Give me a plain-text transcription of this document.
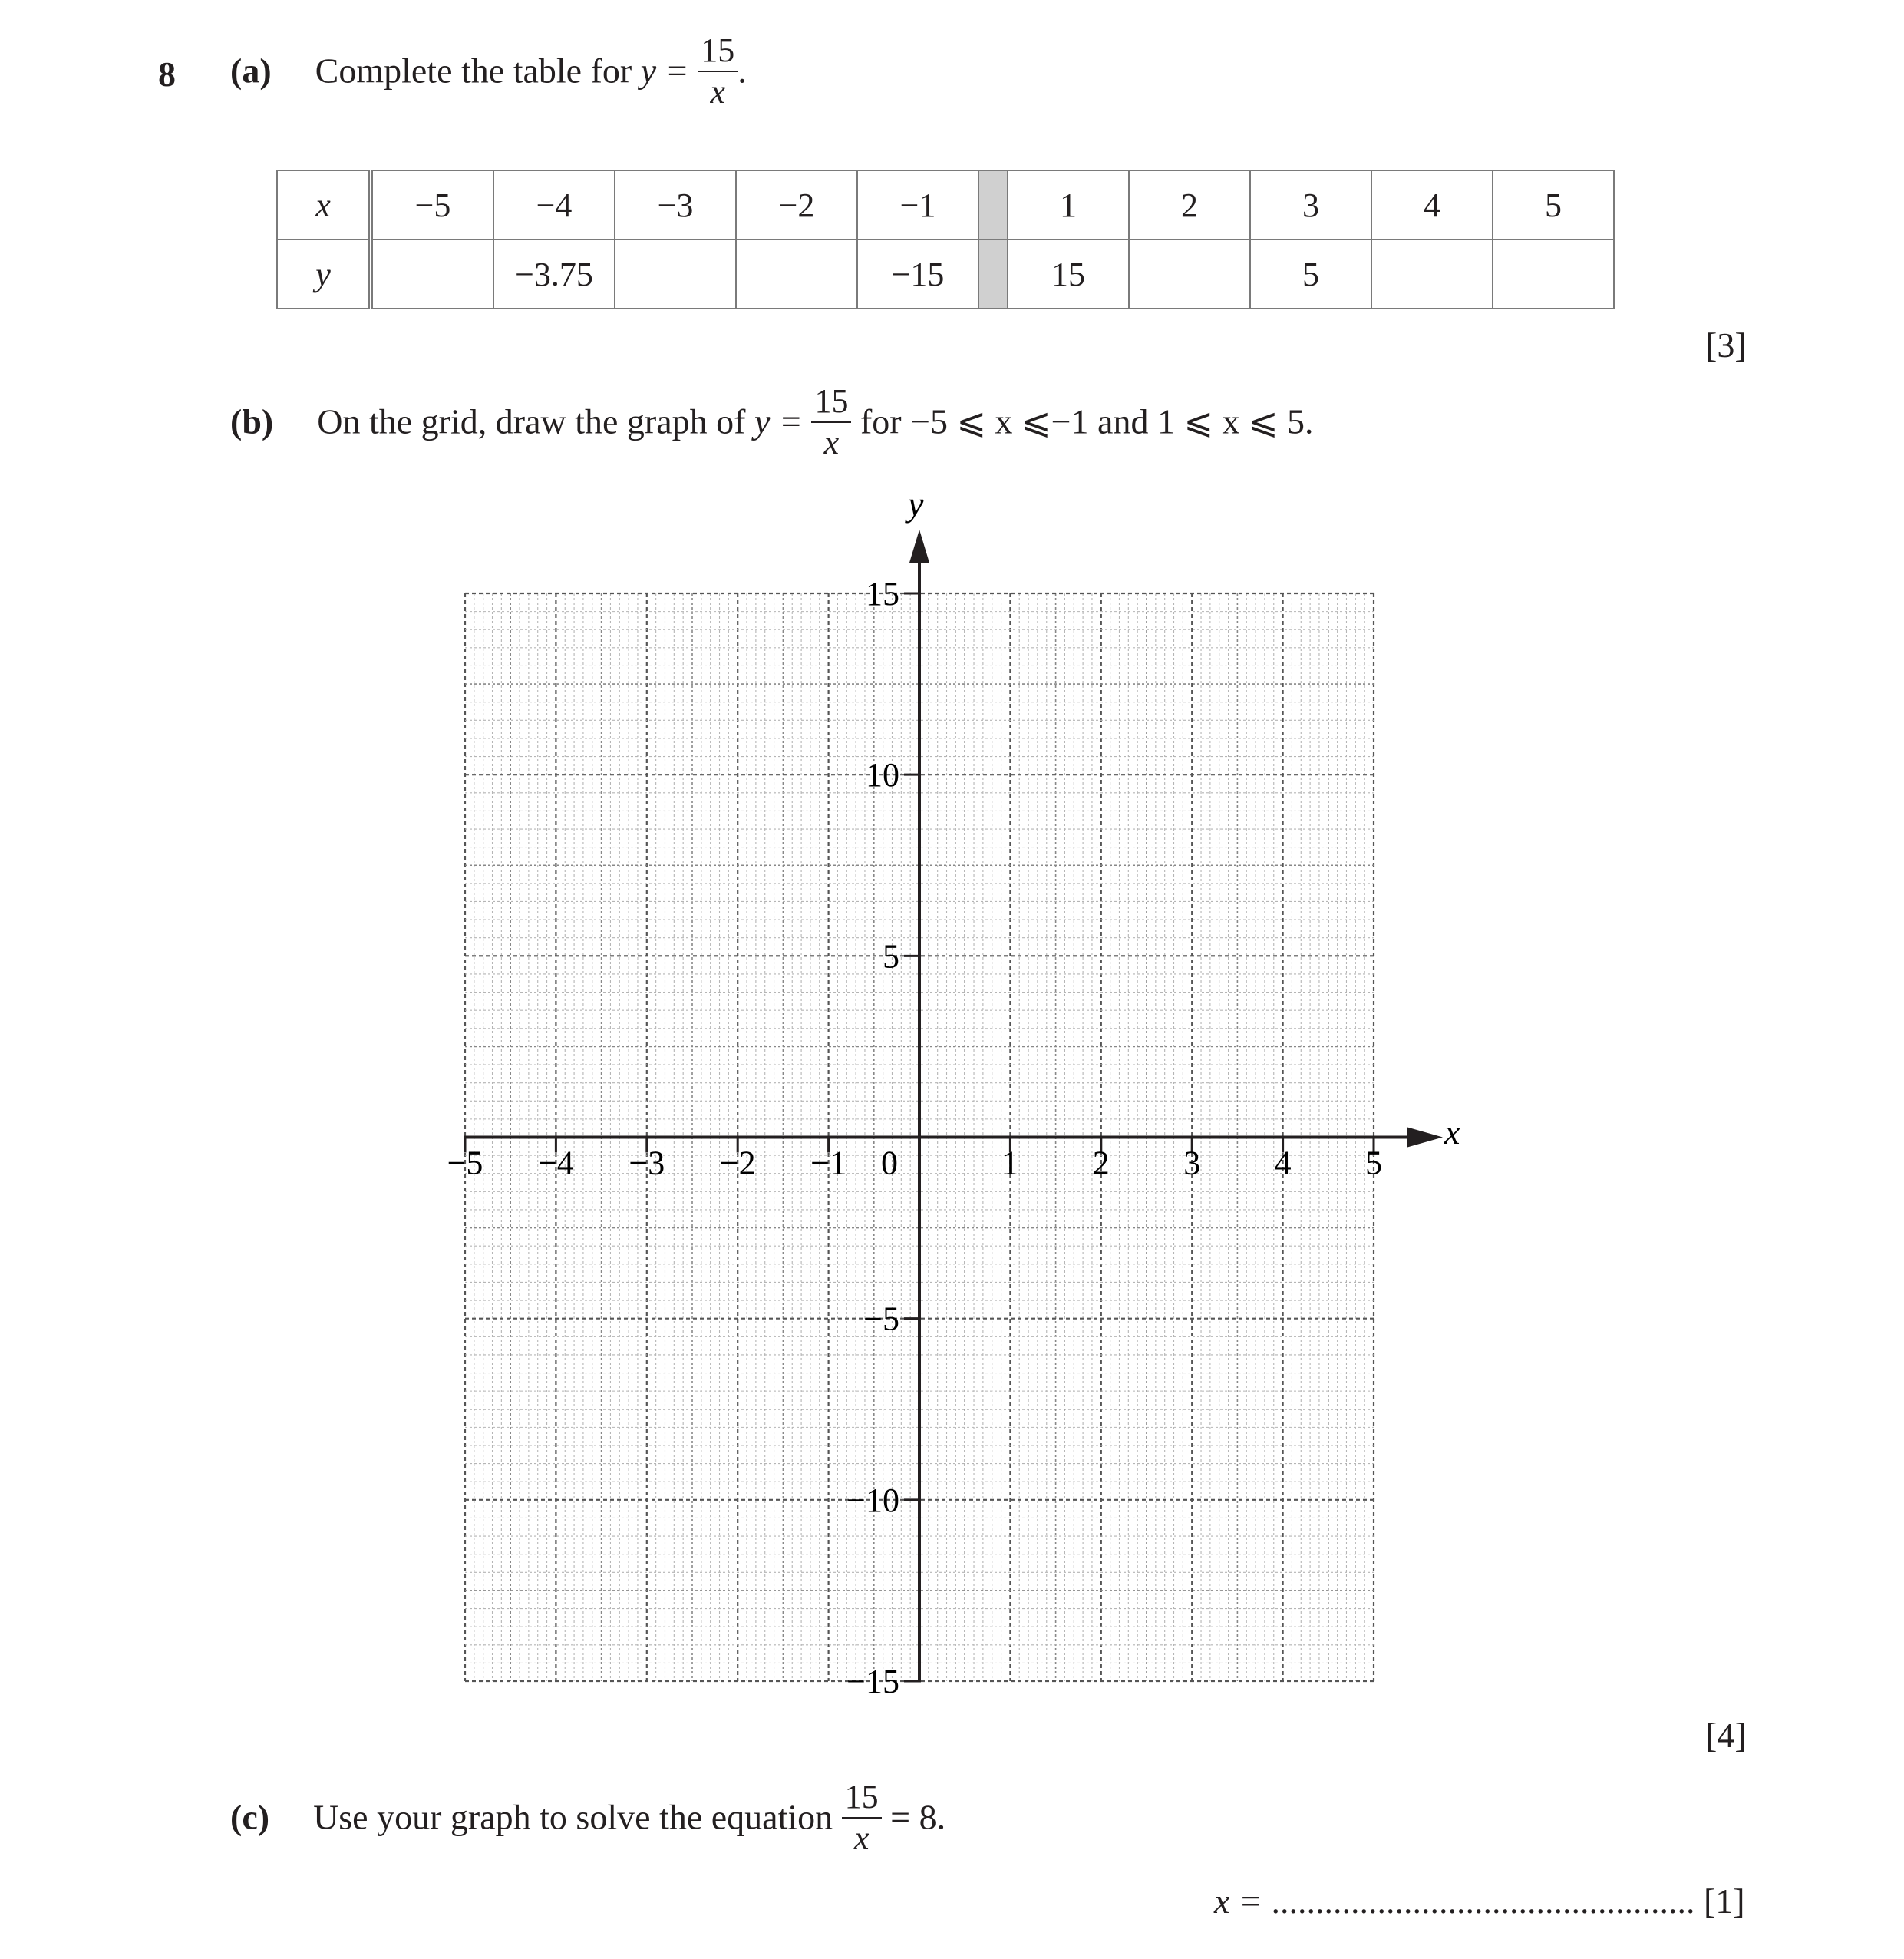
8 (a) Complete the table for $y = \frac{15}{x}$ .
x	−5	−4	−3	−2	−1		1	2	3	4	5
y		−3.75			−15		15		5		
[3]
(b) On the grid, draw the graph of $y = \frac{15}{x}$ for −5 ⩽ x ⩽−1 and 1 ⩽ x ⩽ 5.
−5 −4 −3 −2 −1 0	1 2 3 4 5
15
10
5
−5
−10
−15
x
y
[4]
(c) Use your graph to solve the equation $\frac{15}{x} = 8$.
x = ................................................ [1]
